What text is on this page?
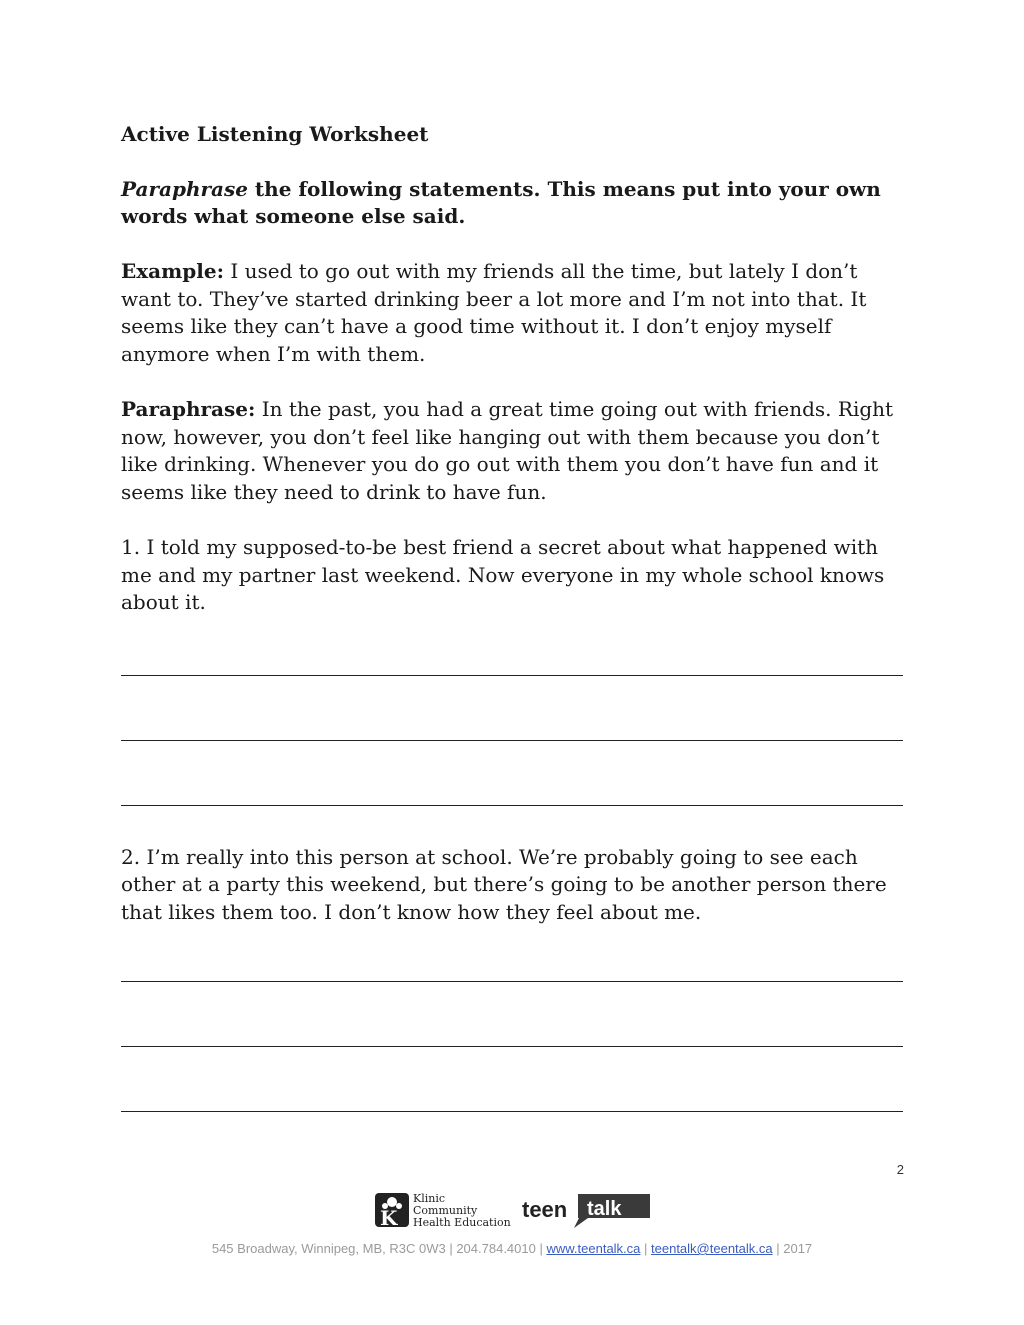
Active Listening Worksheet

Paraphrase the following statements. This means put into your own words what someone else said.

Example: I used to go out with my friends all the time, but lately I don’t want to. They’ve started drinking beer a lot more and I’m not into that. It seems like they can’t have a good time without it. I don’t enjoy myself anymore when I’m with them.

Paraphrase: In the past, you had a great time going out with friends. Right now, however, you don’t feel like hanging out with them because you don’t like drinking. Whenever you do go out with them you don’t have fun and it seems like they need to drink to have fun.

1. I told my supposed-to-be best friend a secret about what happened with me and my partner last weekend. Now everyone in my whole school knows about it.

2. I’m really into this person at school. We’re probably going to see each other at a party this weekend, but there’s going to be another person there that likes them too. I don’t know how they feel about me.

2
K
Klinic
Community
Health Education
teen talk
545 Broadway, Winnipeg, MB, R3C 0W3 | 204.784.4010 | www.teentalk.ca | teentalk@teentalk.ca | 2017
